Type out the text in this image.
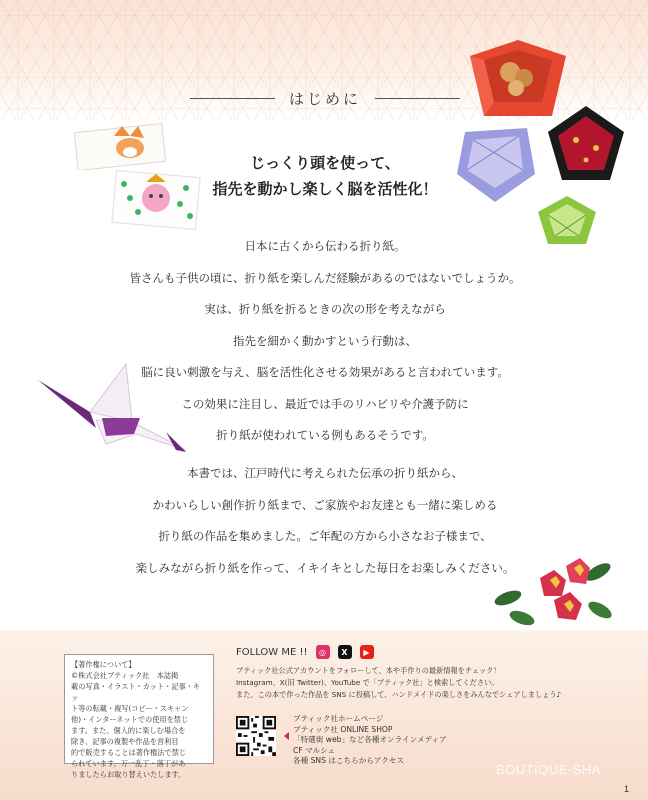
はじめに
じっくり頭を使って、
指先を動かし楽しく脳を活性化！
日本に古くから伝わる折り紙。
皆さんも子供の頃に、折り紙を楽しんだ経験があるのではないでしょうか。
実は、折り紙を折るときの次の形を考えながら
指先を細かく動かすという行動は、
脳に良い刺激を与え、脳を活性化させる効果があると言われています。
この効果に注目し、最近では手のリハビリや介護予防に
折り紙が使われている例もあるそうです。
本書では、江戸時代に考えられた伝承の折り紙から、
かわいらしい創作折り紙まで、ご家族やお友達とも一緒に楽しめる
折り紙の作品を集めました。ご年配の方から小さなお子様まで、
楽しみながら折り紙を作って、イキイキとした毎日をお楽しみください。
【著作権について】
©株式会社ブティック社　本誌掲
載の写真・イラスト・カット・記事・キッ
ト等の転載・複写(コピー・スキャン
他)・インターネットでの使用を禁じ
ます。また、個人的に楽しむ場合を
除き、記事の複製や作品を営利目
的で販売することは著作権法で禁じ
られています。万一乱丁・落丁があ
りましたらお取り替えいたします。
FOLLOW ME !!	◎	X	▶
ブティック社公式アカウントをフォローして、本や手作りの最新情報をチェック！
Instagram、X(旧 Twitter)、YouTube で「ブティック社」と検索してください。
また、この本で作った作品を SNS に投稿して、ハンドメイドの楽しさをみんなでシェアしましょう♪
ブティック社ホームページ
ブティック社 ONLINE SHOP
「特選街 web」など各種オンラインメディア
CF マルシェ
各種 SNS はこちらからアクセス
BOUTIQUE-SHA
1
